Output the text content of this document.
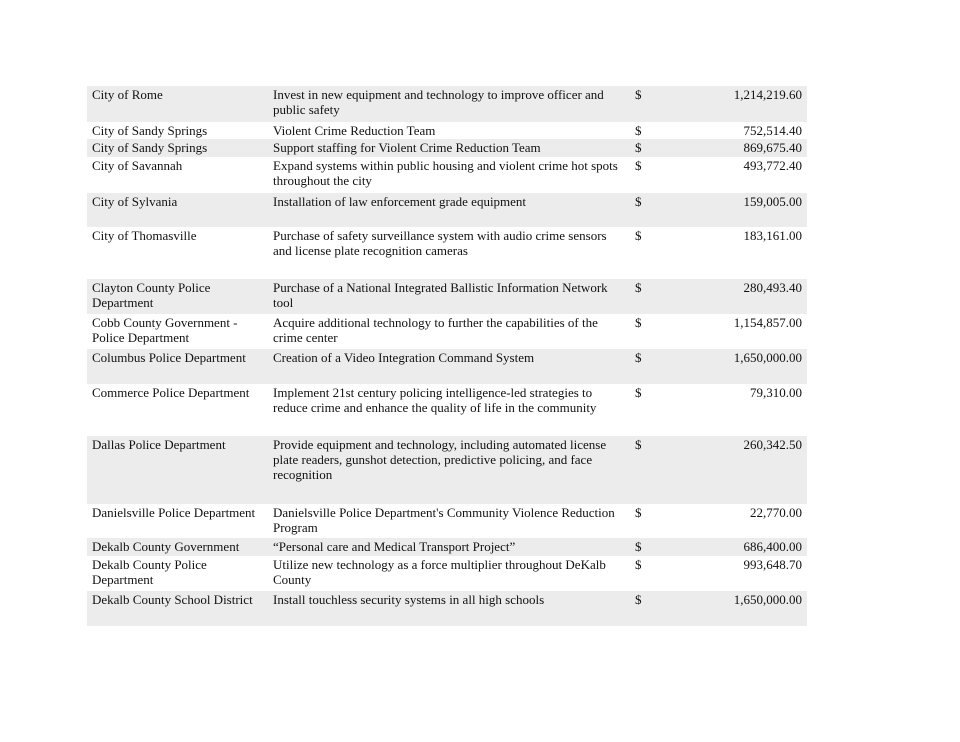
City of Rome	Invest in new equipment and technology to improve officer and public safety	$	1,214,219.60
City of Sandy Springs	Violent Crime Reduction Team	$	752,514.40
City of Sandy Springs	Support staffing for Violent Crime Reduction Team	$	869,675.40
City of Savannah	Expand systems within public housing and violent crime hot spots throughout the city	$	493,772.40
City of Sylvania	Installation of law enforcement grade equipment	$	159,005.00
City of Thomasville	Purchase of safety surveillance system with audio crime sensors and license plate recognition cameras	$	183,161.00
Clayton County Police Department	Purchase of a National Integrated Ballistic Information Network tool	$	280,493.40
Cobb County Government - Police Department	Acquire additional technology to further the capabilities of the crime center	$	1,154,857.00
Columbus Police Department	Creation of a Video Integration Command System	$	1,650,000.00
Commerce Police Department	Implement 21st century policing intelligence-led strategies to reduce crime and enhance the quality of life in the community	$	79,310.00
Dallas Police Department	Provide equipment and technology, including automated license plate readers, gunshot detection, predictive policing, and face recognition	$	260,342.50
Danielsville Police Department	Danielsville Police Department's Community Violence Reduction Program	$	22,770.00
Dekalb County Government	“Personal care and Medical Transport Project”	$	686,400.00
Dekalb County Police Department	Utilize new technology as a force multiplier throughout DeKalb County	$	993,648.70
Dekalb County School District	Install touchless security systems in all high schools	$	1,650,000.00
